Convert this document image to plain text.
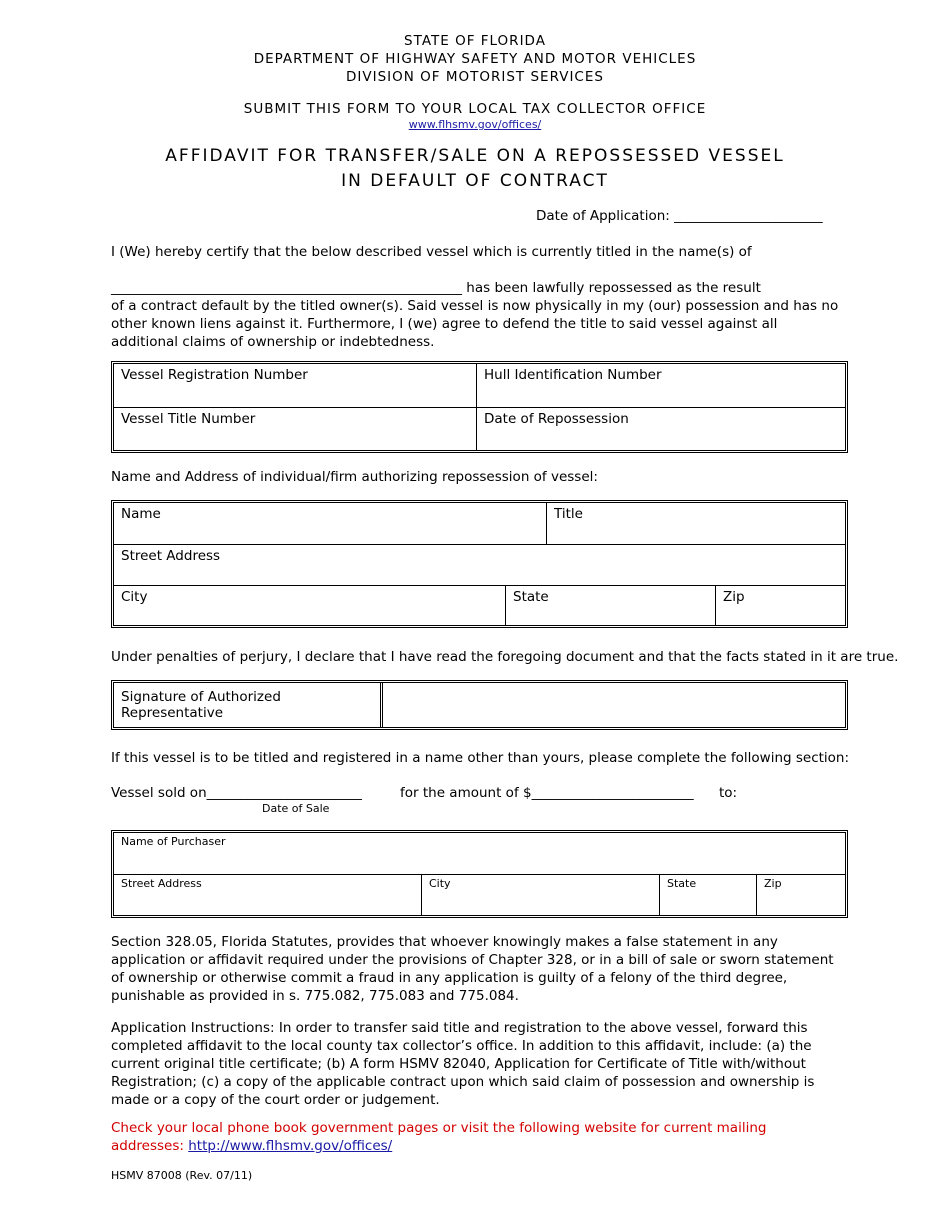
STATE OF FLORIDA
DEPARTMENT OF HIGHWAY SAFETY AND MOTOR VEHICLES
DIVISION OF MOTORIST SERVICES
SUBMIT THIS FORM TO YOUR LOCAL TAX COLLECTOR OFFICE
www.flhsmv.gov/offices/
AFFIDAVIT FOR TRANSFER/SALE ON A REPOSSESSED VESSEL
IN DEFAULT OF CONTRACT
Date of Application: ______________________
I (We) hereby certify that the below described vessel which is currently titled in the name(s) of
____________________________________________________ has been lawfully repossessed as the result
of a contract default by the titled owner(s). Said vessel is now physically in my (our) possession and has no other known liens against it. Furthermore, I (we) agree to defend the title to said vessel against all additional claims of ownership or indebtedness.
Vessel Registration Number	Hull Identification Number
Vessel Title Number	Date of Repossession
Name and Address of individual/firm authorizing repossession of vessel:
Name	Title
Street Address
City	State	Zip
Under penalties of perjury, I declare that I have read the foregoing document and that the facts stated in it are true.
Signature of Authorized Representative
If this vessel is to be titled and registered in a name other than yours, please complete the following section:
Vessel sold on_______________________	for the amount of $________________________ to:
Date of Sale
Name of Purchaser
Street Address	City	State	Zip
Section 328.05, Florida Statutes, provides that whoever knowingly makes a false statement in any application or affidavit required under the provisions of Chapter 328, or in a bill of sale or sworn statement of ownership or otherwise commit a fraud in any application is guilty of a felony of the third degree, punishable as provided in s. 775.082, 775.083 and 775.084.
Application Instructions: In order to transfer said title and registration to the above vessel, forward this completed affidavit to the local county tax collector’s office. In addition to this affidavit, include: (a) the current original title certificate; (b) A form HSMV 82040, Application for Certificate of Title with/without Registration; (c) a copy of the applicable contract upon which said claim of possession and ownership is made or a copy of the court order or judgement.
Check your local phone book government pages or visit the following website for current mailing addresses: http://www.flhsmv.gov/offices/
HSMV 87008 (Rev. 07/11)
